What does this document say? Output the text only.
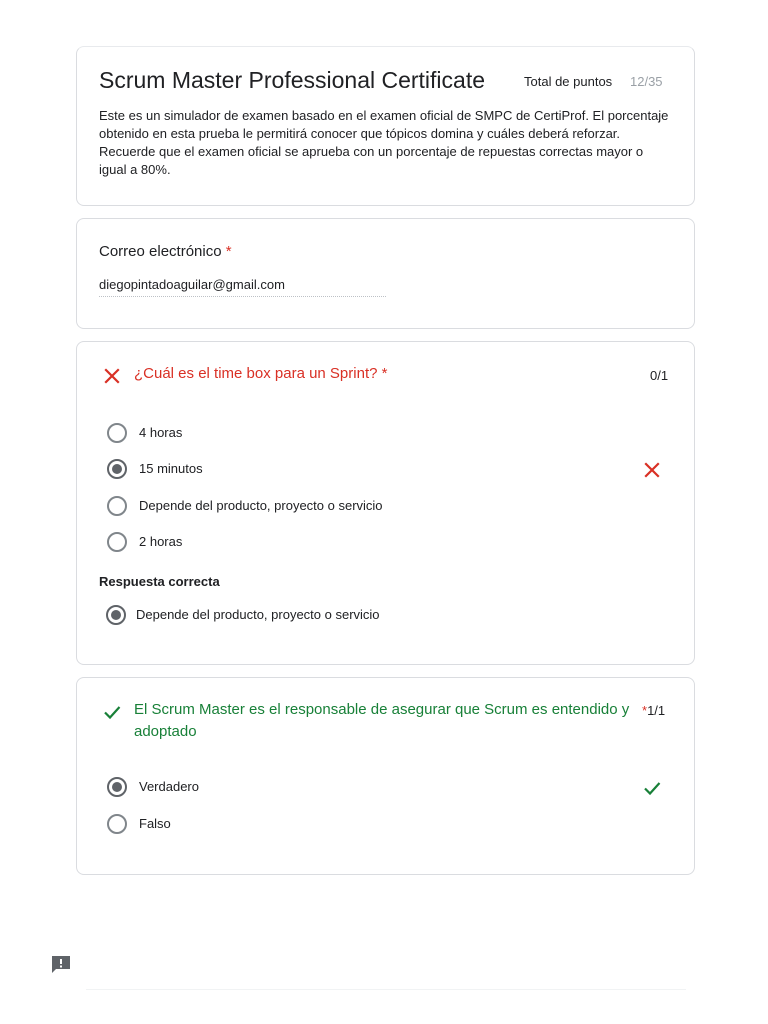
Scrum Master Professional Certificate	Total de puntos 12/35

Este es un simulador de examen basado en el examen oficial de SMPC de CertiProf. El porcentaje obtenido en esta prueba le permitirá conocer que tópicos domina y cuáles deberá reforzar. Recuerde que el examen oficial se aprueba con un porcentaje de repuestas correctas mayor o igual a 80%.

Correo electrónico *
diegopintadoaguilar@gmail.com
¿Cuál es el time box para un Sprint? *	0/1
4 horas
15 minutos
Depende del producto, proyecto o servicio
2 horas
Respuesta correcta
Depende del producto, proyecto o servicio
El Scrum Master es el responsable de asegurar que Scrum es entendido y adoptado
*1/1
Verdadero
Falso
